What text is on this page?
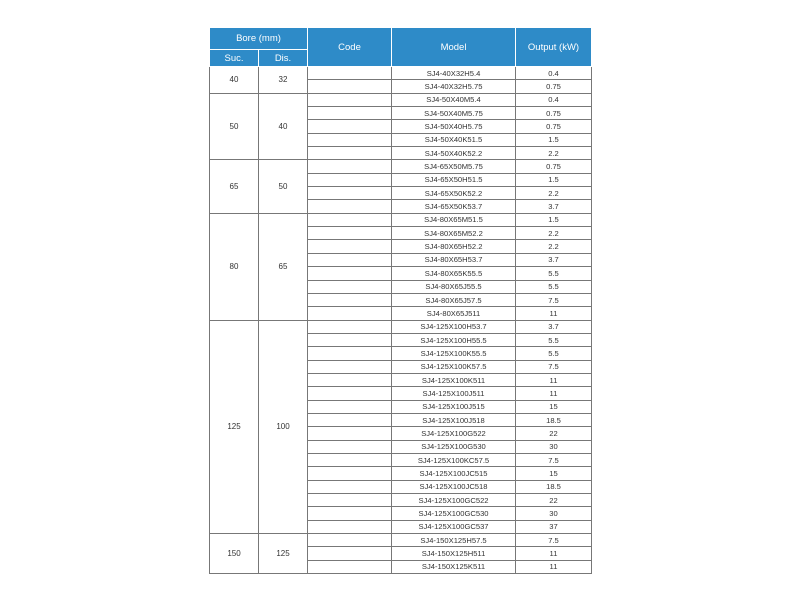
Bore (mm)		Code	Model	Output (kW)
Suc.	Dis.			
40	32		SJ4-40X32H5.4	0.4
			SJ4-40X32H5.75	0.75
50	40		SJ4-50X40M5.4	0.4
			SJ4-50X40M5.75	0.75
			SJ4-50X40H5.75	0.75
			SJ4-50X40K51.5	1.5
			SJ4-50X40K52.2	2.2
65	50		SJ4-65X50M5.75	0.75
			SJ4-65X50H51.5	1.5
			SJ4-65X50K52.2	2.2
			SJ4-65X50K53.7	3.7
80	65		SJ4-80X65M51.5	1.5
			SJ4-80X65M52.2	2.2
			SJ4-80X65H52.2	2.2
			SJ4-80X65H53.7	3.7
			SJ4-80X65K55.5	5.5
			SJ4-80X65J55.5	5.5
			SJ4-80X65J57.5	7.5
			SJ4-80X65J511	11
125	100		SJ4-125X100H53.7	3.7
			SJ4-125X100H55.5	5.5
			SJ4-125X100K55.5	5.5
			SJ4-125X100K57.5	7.5
			SJ4-125X100K511	11
			SJ4-125X100J511	11
			SJ4-125X100J515	15
			SJ4-125X100J518	18.5
			SJ4-125X100G522	22
			SJ4-125X100G530	30
			SJ4-125X100KC57.5	7.5
			SJ4-125X100JC515	15
			SJ4-125X100JC518	18.5
			SJ4-125X100GC522	22
			SJ4-125X100GC530	30
			SJ4-125X100GC537	37
150	125		SJ4-150X125H57.5	7.5
			SJ4-150X125H511	11
			SJ4-150X125K511	11
